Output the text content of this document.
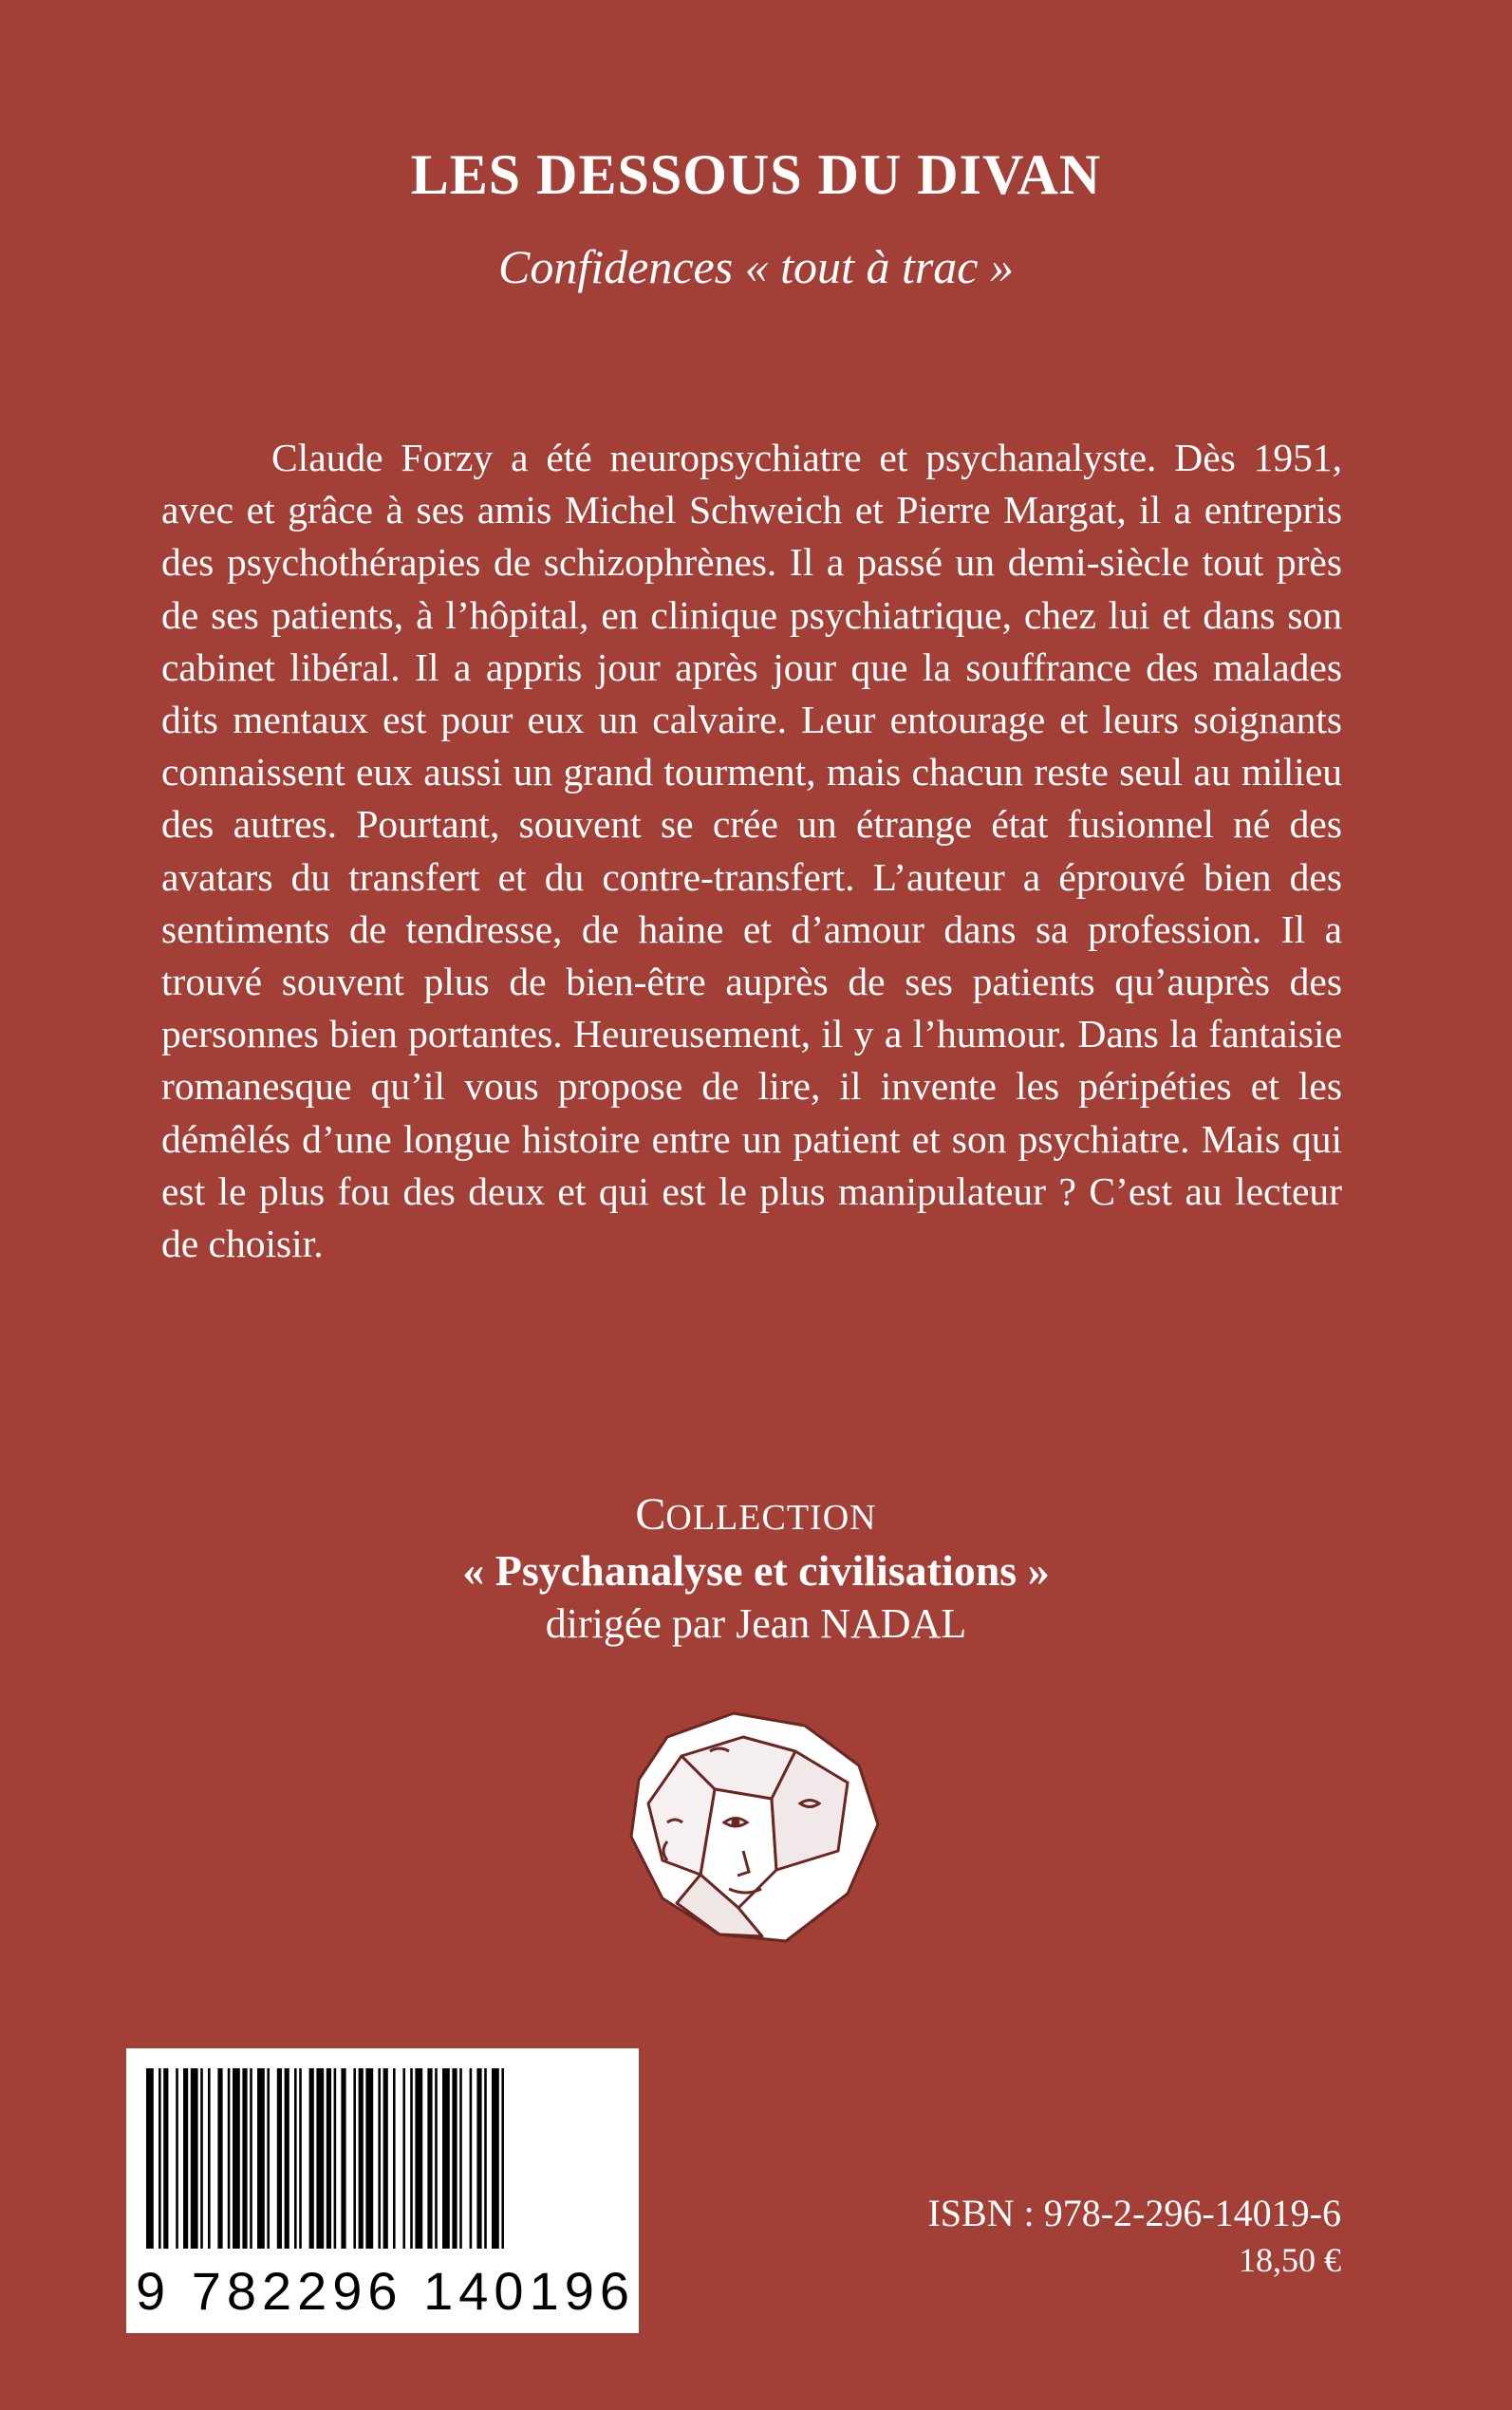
LES DESSOUS DU DIVAN

Confidences « tout à trac »

Claude Forzy a été neuropsychiatre et psychanalyste. Dès 1951, avec et grâce à ses amis Michel Schweich et Pierre Margat, il a entrepris des psychothérapies de schizophrènes. Il a passé un demi-siècle tout près de ses patients, à l’hôpital, en clinique psychiatrique, chez lui et dans son cabinet libéral. Il a appris jour après jour que la souffrance des malades dits mentaux est pour eux un calvaire. Leur entourage et leurs soignants connaissent eux aussi un grand tourment, mais chacun reste seul au milieu des autres. Pourtant, souvent se crée un étrange état fusionnel né des avatars du transfert et du contre-transfert. L’auteur a éprouvé bien des sentiments de tendresse, de haine et d’amour dans sa profession. Il a trouvé souvent plus de bien-être auprès de ses patients qu’auprès des personnes bien portantes. Heureusement, il y a l’humour. Dans la fantaisie romanesque qu’il vous propose de lire, il invente les péripéties et les démêlés d’une longue histoire entre un patient et son psychiatre. Mais qui est le plus fou des deux et qui est le plus manipulateur ? C’est au lecteur de choisir.

COLLECTION
« Psychanalyse et civilisations »
dirigée par Jean NADAL
9 782296 140196
ISBN : 978-2-296-14019-6
18,50 €
